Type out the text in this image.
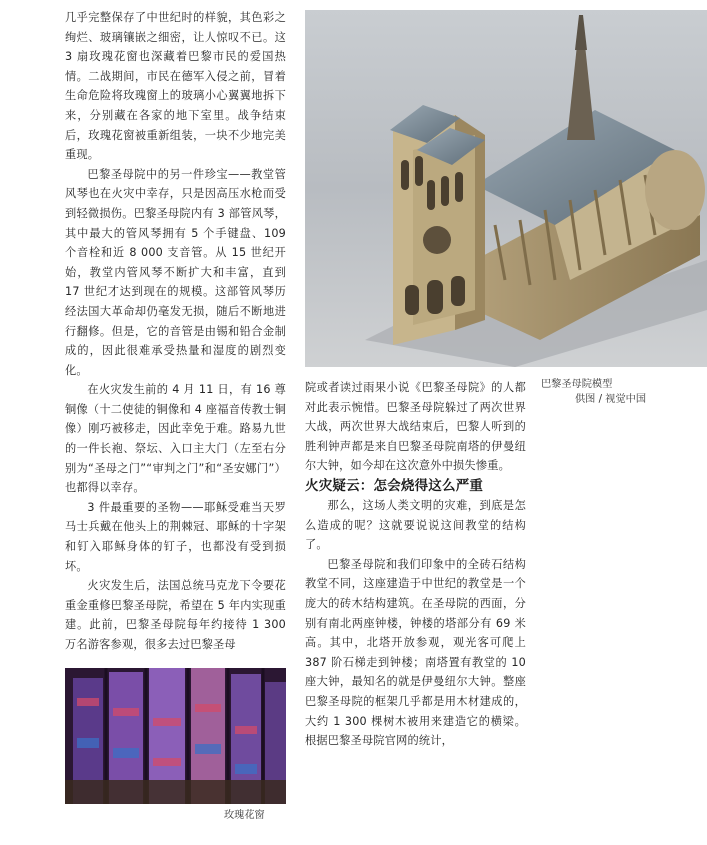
几乎完整保存了中世纪时的样貌，其色彩之绚烂、玻璃镶嵌之细密，让人惊叹不已。这 3 扇玫瑰花窗也深藏着巴黎市民的爱国热情。二战期间，市民在德军入侵之前，冒着生命危险将玫瑰窗上的玻璃小心翼翼地拆下来，分别藏在各家的地下室里。战争结束后，玫瑰花窗被重新组装，一块不少地完美重现。

巴黎圣母院中的另一件珍宝——教堂管风琴也在火灾中幸存，只是因高压水枪而受到轻微损伤。巴黎圣母院内有 3 部管风琴，其中最大的管风琴拥有 5 个手键盘、109 个音栓和近 8 000 支音管。从 15 世纪开始，教堂内管风琴不断扩大和丰富，直到 17 世纪才达到现在的规模。这部管风琴历经法国大革命却仍毫发无损，随后不断地进行翻修。但是，它的音管是由锡和铅合金制成的，因此很难承受热量和湿度的剧烈变化。

在火灾发生前的 4 月 11 日，有 16 尊铜像（十二使徒的铜像和 4 座福音传教士铜像）刚巧被移走，因此幸免于难。路易九世的一件长袍、祭坛、入口主大门（左至右分别为“圣母之门”“审判之门”和“圣安娜门”）也都得以幸存。

3 件最重要的圣物——耶稣受难当天罗马士兵戴在他头上的荆棘冠、耶稣的十字架和钉入耶稣身体的钉子，也都没有受到损坏。

火灾发生后，法国总统马克龙下令要花重金重修巴黎圣母院，希望在 5 年内实现重建。此前，巴黎圣母院每年约接待 1 300 万名游客参观，很多去过巴黎圣母

巴黎圣母院模型
供图 / 视觉中国

院或者读过雨果小说《巴黎圣母院》的人都对此表示惋惜。巴黎圣母院躲过了两次世界大战，两次世界大战结束后，巴黎人听到的胜利钟声都是来自巴黎圣母院南塔的伊曼纽尔大钟，如今却在这次意外中损失惨重。

火灾疑云：怎会烧得这么严重

那么，这场人类文明的灾难，到底是怎么造成的呢？这就要说说这间教堂的结构了。

巴黎圣母院和我们印象中的全砖石结构教堂不同，这座建造于中世纪的教堂是一个庞大的砖木结构建筑。在圣母院的西面，分别有南北两座钟楼，钟楼的塔部分有 69 米高。其中，北塔开放参观，观光客可爬上 387 阶石梯走到钟楼；南塔置有教堂的 10 座大钟，最知名的就是伊曼纽尔大钟。整座巴黎圣母院的框架几乎都是用木材建成的，大约 1 300 棵树木被用来建造它的横梁。根据巴黎圣母院官网的统计，

玫瑰花窗
